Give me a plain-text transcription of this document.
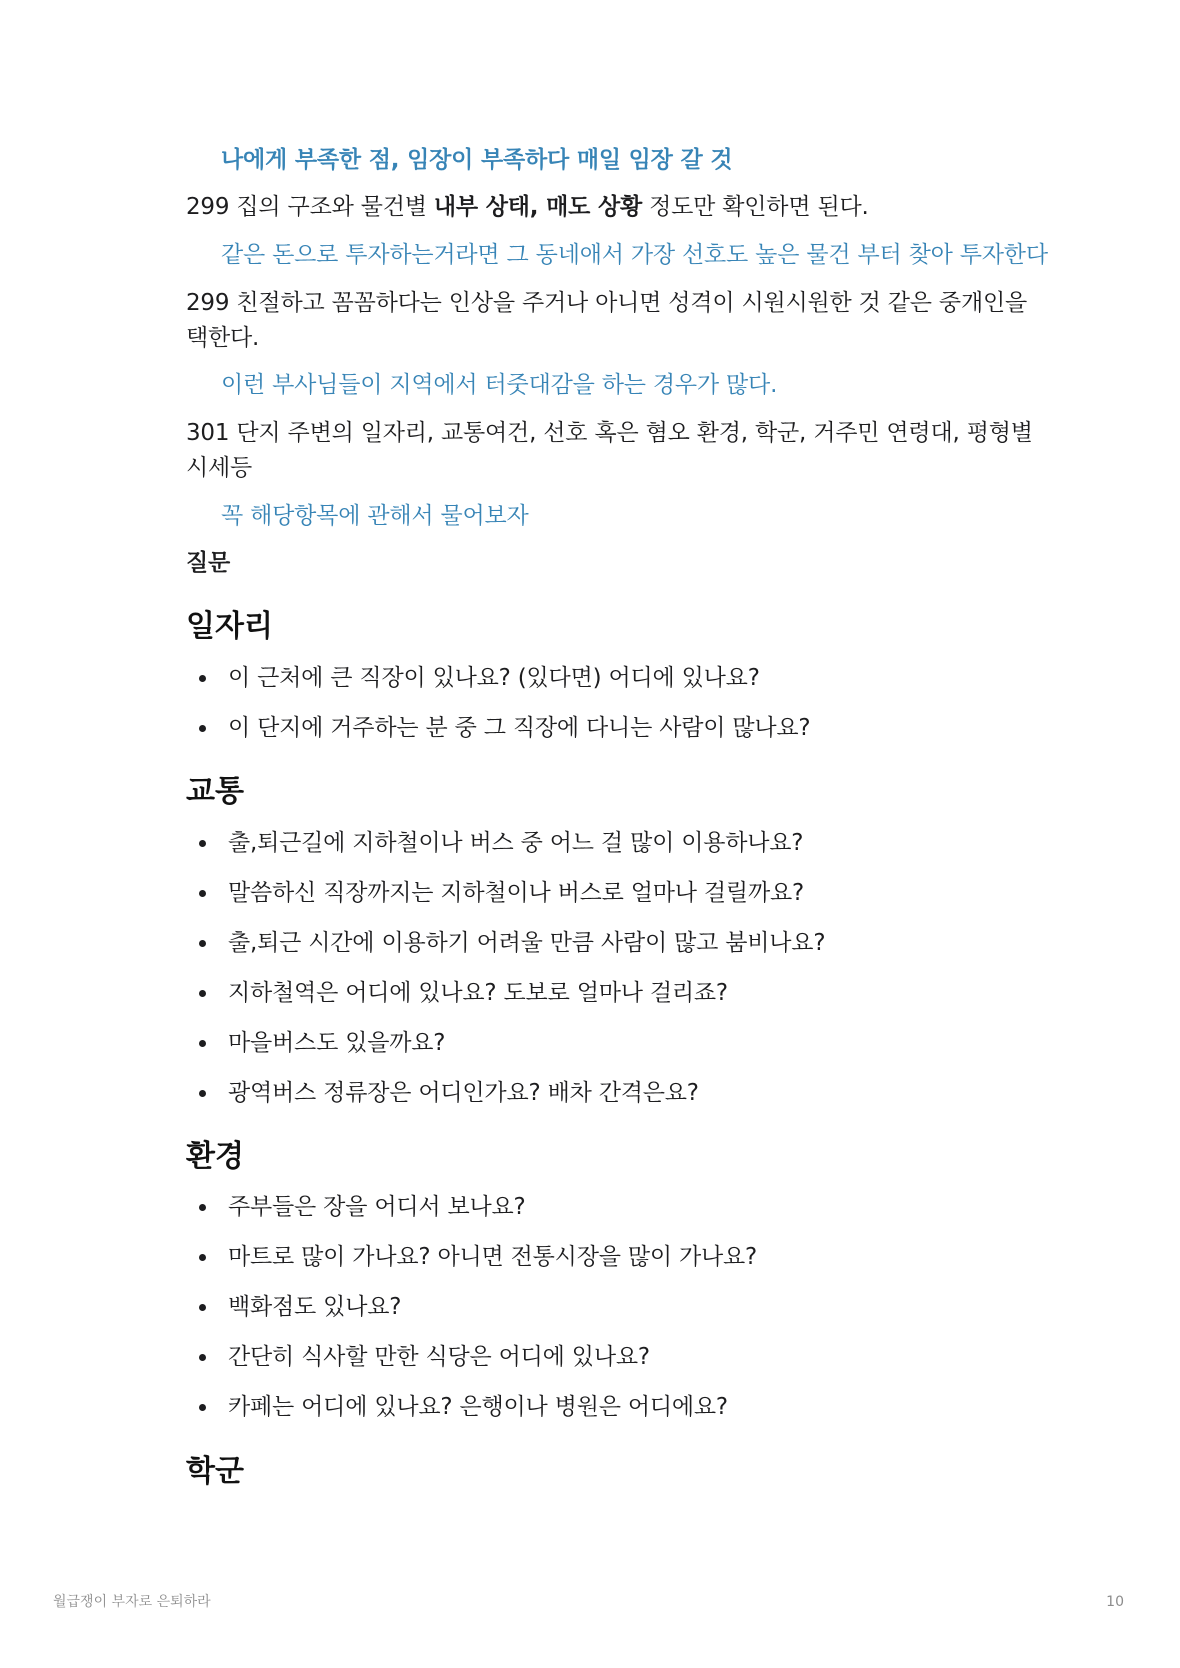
나에게 부족한 점, 임장이 부족하다 매일 임장 갈 것

299 집의 구조와 물건별 내부 상태, 매도 상황 정도만 확인하면 된다.

같은 돈으로 투자하는거라면 그 동네애서 가장 선호도 높은 물건 부터 찾아 투자한다

299 친절하고 꼼꼼하다는 인상을 주거나 아니면 성격이 시원시원한 것 같은 중개인을

택한다.

이런 부사님들이 지역에서 터줏대감을 하는 경우가 많다.

301 단지 주변의 일자리, 교통여건, 선호 혹은 혐오 환경, 학군, 거주민 연령대, 평형별

시세등

꼭 해당항목에 관해서 물어보자

질문

일자리
이 근처에 큰 직장이 있나요? (있다면) 어디에 있나요?
이 단지에 거주하는 분 중 그 직장에 다니는 사람이 많나요?
교통
출,퇴근길에 지하철이나 버스 중 어느 걸 많이 이용하나요?
말씀하신 직장까지는 지하철이나 버스로 얼마나 걸릴까요?
출,퇴근 시간에 이용하기 어려울 만큼 사람이 많고 붐비나요?
지하철역은 어디에 있나요? 도보로 얼마나 걸리죠?
마을버스도 있을까요?
광역버스 정류장은 어디인가요? 배차 간격은요?
환경
주부들은 장을 어디서 보나요?
마트로 많이 가나요? 아니면 전통시장을 많이 가나요?
백화점도 있나요?
간단히 식사할 만한 식당은 어디에 있나요?
카페는 어디에 있나요? 은행이나 병원은 어디에요?
학군
월급쟁이 부자로 은퇴하라	10
